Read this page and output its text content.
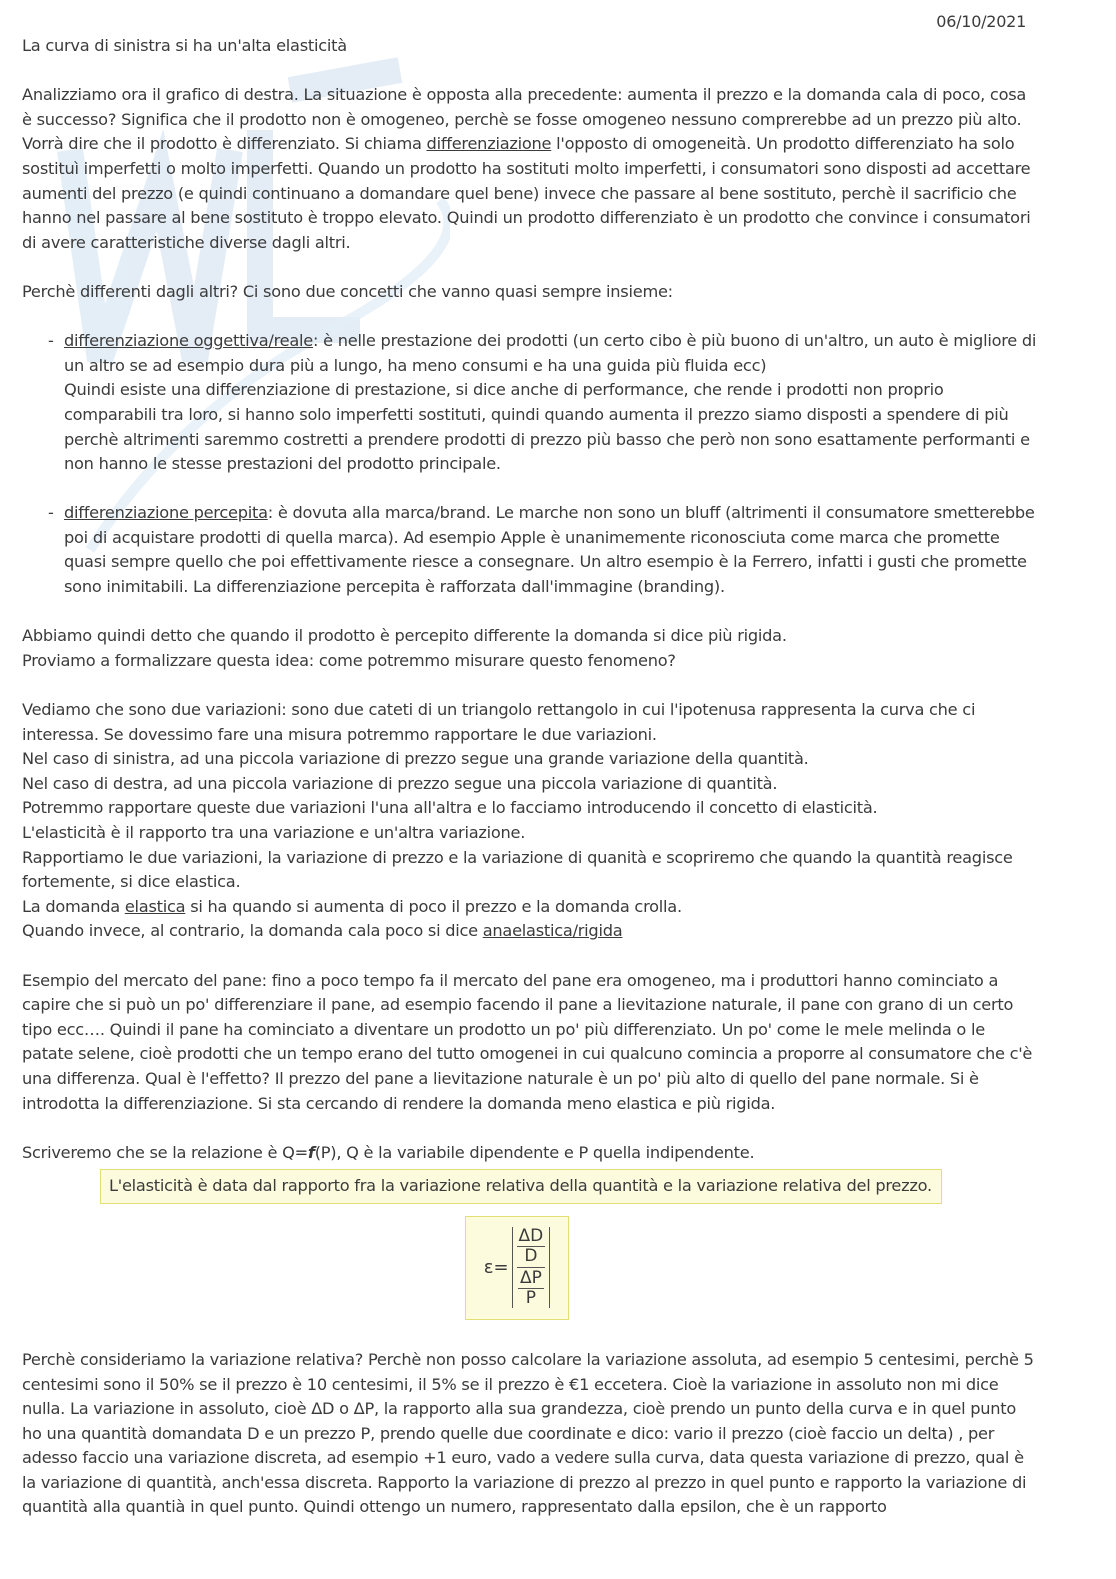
06/10/2021

La curva di sinistra si ha un'alta elasticità

Analizziamo ora il grafico di destra. La situazione è opposta alla precedente: aumenta il prezzo e la domanda cala di poco, cosa è successo? Significa che il prodotto non è omogeneo, perchè se fosse omogeneo nessuno comprerebbe ad un prezzo più alto. Vorrà dire che il prodotto è differenziato. Si chiama differenziazione l'opposto di omogeneità. Un prodotto differenziato ha solo sostituì imperfetti o molto imperfetti. Quando un prodotto ha sostituti molto imperfetti, i consumatori sono disposti ad accettare aumenti del prezzo (e quindi continuano a domandare quel bene) invece che passare al bene sostituto, perchè il sacrificio che hanno nel passare al bene sostituto è troppo elevato. Quindi un prodotto differenziato è un prodotto che convince i consumatori di avere caratteristiche diverse dagli altri.

Perchè differenti dagli altri? Ci sono due concetti che vanno quasi sempre insieme:

- differenziazione oggettiva/reale: è nelle prestazione dei prodotti (un certo cibo è più buono di un'altro, un auto è migliore di un altro se ad esempio dura più a lungo, ha meno consumi e ha una guida più fluida ecc)
Quindi esiste una differenziazione di prestazione, si dice anche di performance, che rende i prodotti non proprio comparabili tra loro, si hanno solo imperfetti sostituti, quindi quando aumenta il prezzo siamo disposti a spendere di più perchè altrimenti saremmo costretti a prendere prodotti di prezzo più basso che però non sono esattamente performanti e non hanno le stesse prestazioni del prodotto principale.
- differenziazione percepita: è dovuta alla marca/brand. Le marche non sono un bluff (altrimenti il consumatore smetterebbe poi di acquistare prodotti di quella marca). Ad esempio Apple è unanimemente riconosciuta come marca che promette quasi sempre quello che poi effettivamente riesce a consegnare. Un altro esempio è la Ferrero, infatti i gusti che promette sono inimitabili. La differenziazione percepita è rafforzata dall'immagine (branding).

Abbiamo quindi detto che quando il prodotto è percepito differente la domanda si dice più rigida.

Proviamo a formalizzare questa idea: come potremmo misurare questo fenomeno?

Vediamo che sono due variazioni: sono due cateti di un triangolo rettangolo in cui l'ipotenusa rappresenta la curva che ci interessa. Se dovessimo fare una misura potremmo rapportare le due variazioni.

Nel caso di sinistra, ad una piccola variazione di prezzo segue una grande variazione della quantità.

Nel caso di destra, ad una piccola variazione di prezzo segue una piccola variazione di quantità.

Potremmo rapportare queste due variazioni l'una all'altra e lo facciamo introducendo il concetto di elasticità.

L'elasticità è il rapporto tra una variazione e un'altra variazione.

Rapportiamo le due variazioni, la variazione di prezzo e la variazione di quanità e scopriremo che quando la quantità reagisce fortemente, si dice elastica.

La domanda elastica si ha quando si aumenta di poco il prezzo e la domanda crolla.

Quando invece, al contrario, la domanda cala poco si dice anaelastica/rigida

Esempio del mercato del pane: fino a poco tempo fa il mercato del pane era omogeneo, ma i produttori hanno cominciato a capire che si può un po' differenziare il pane, ad esempio facendo il pane a lievitazione naturale, il pane con grano di un certo tipo ecc…. Quindi il pane ha cominciato a diventare un prodotto un po' più differenziato. Un po' come le mele melinda o le patate selene, cioè prodotti che un tempo erano del tutto omogenei in cui qualcuno comincia a proporre al consumatore che c'è una differenza. Qual è l'effetto? Il prezzo del pane a lievitazione naturale è un po' più alto di quello del pane normale. Si è introdotta la differenziazione. Si sta cercando di rendere la domanda meno elastica e più rigida.

Scriveremo che se la relazione è Q=f(P), Q è la variabile dipendente e P quella indipendente.

L'elasticità è data dal rapporto fra la variazione relativa della quantità e la variazione relativa del prezzo.
ε=
$\frac{\Delta D}{D}$
$\frac{\Delta P}{P}$

Perchè consideriamo la variazione relativa? Perchè non posso calcolare la variazione assoluta, ad esempio 5 centesimi, perchè 5 centesimi sono il 50% se il prezzo è 10 centesimi, il 5% se il prezzo è €1 eccetera. Cioè la variazione in assoluto non mi dice nulla. La variazione in assoluto, cioè ΔD o ΔP, la rapporto alla sua grandezza, cioè prendo un punto della curva e in quel punto ho una quantità domandata D e un prezzo P, prendo quelle due coordinate e dico: vario il prezzo (cioè faccio un delta) , per adesso faccio una variazione discreta, ad esempio +1 euro, vado a vedere sulla curva, data questa variazione di prezzo, qual è la variazione di quantità, anch'essa discreta. Rapporto la variazione di prezzo al prezzo in quel punto e rapporto la variazione di quantità alla quantià in quel punto. Quindi ottengo un numero, rappresentato dalla epsilon, che è un rapporto
